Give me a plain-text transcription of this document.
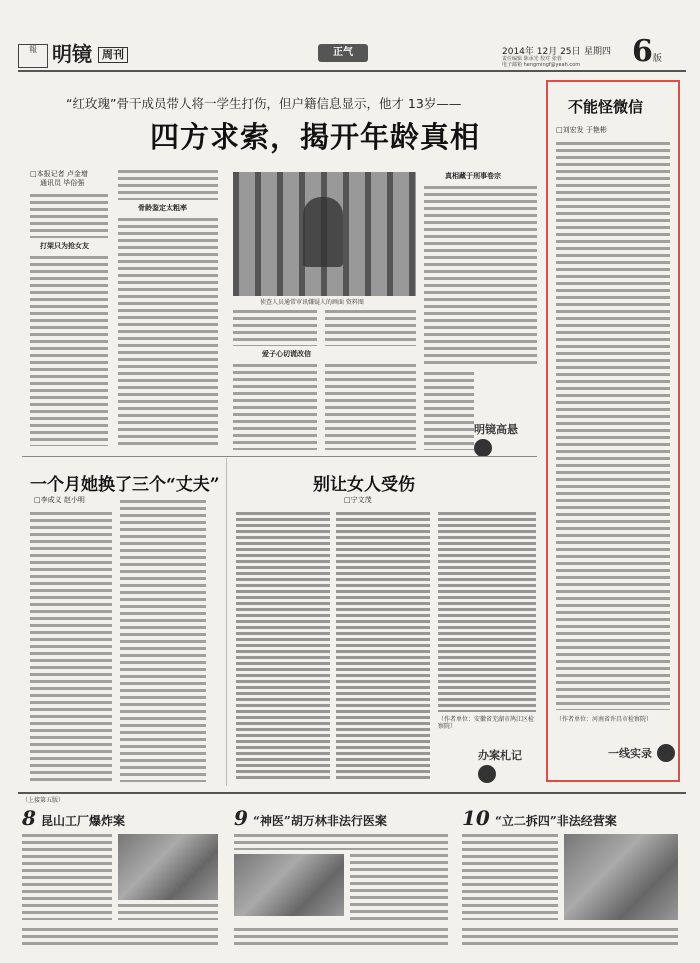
報 明镜 周刊	正气	2014年 12月 25日 星期四
责任编辑 陈承光 校对 张蓉
电子邮箱 hengmingf@yeah.com 6版
“红玫瑰”骨干成员带人将一学生打伤，但户籍信息显示，他才 13岁——
四方求索，揭开年龄真相
□本报记者 卢金增
通讯员 毕俗强
打架只为抢女友
骨龄鉴定太粗率
侦查人员通常审讯嫌疑人的画面 资料图
真相藏于刑事卷宗
爱子心切谎改信
明镜高悬
一个月她换了三个“丈夫”
□李成义 赵小明
别让女人受伤
□宁文茂
（作者单位：安徽省芜湖市鸠江区检察院）
办案札记
不能怪微信
□刘宏发 于艳彬
（作者单位：河南省许昌市检察院）
一线实录
（上接第五版）
8 昆山工厂爆炸案	9 “神医”胡万林非法行医案	10 “立二拆四”非法经营案
